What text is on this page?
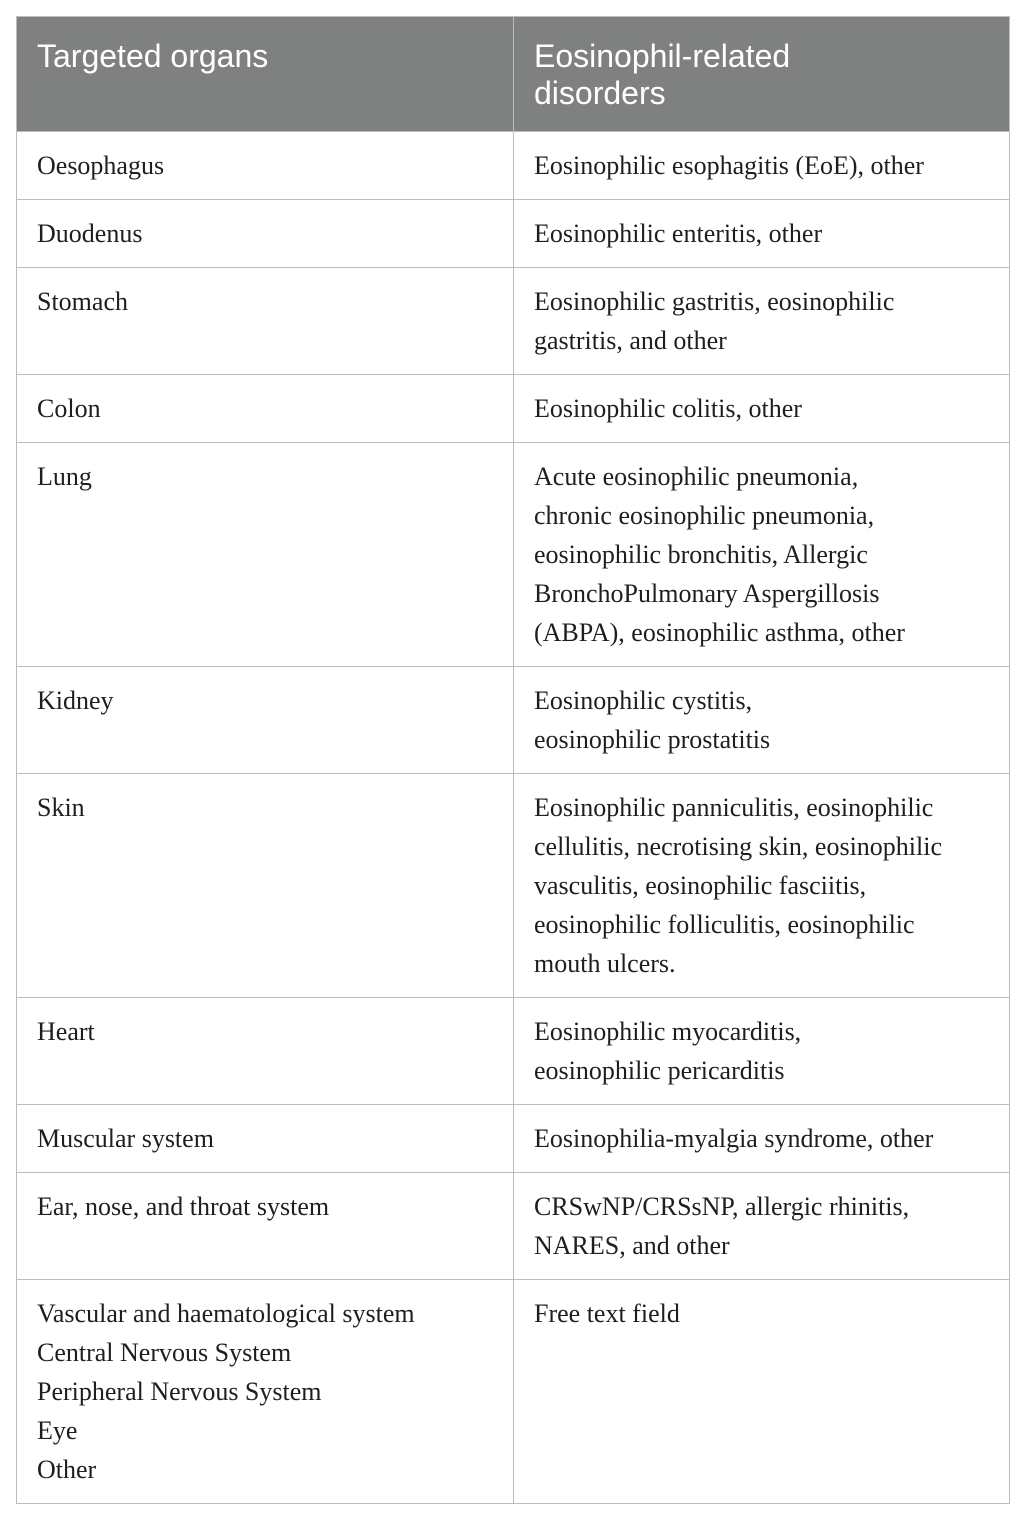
Targeted organs	Eosinophil-related
disorders

Oesophagus	Eosinophilic esophagitis (EoE), other

Duodenus	Eosinophilic enteritis, other

Stomach	Eosinophilic gastritis, eosinophilic
gastritis, and other

Colon	Eosinophilic colitis, other

Lung	Acute eosinophilic pneumonia,
chronic eosinophilic pneumonia,
eosinophilic bronchitis, Allergic
BronchoPulmonary Aspergillosis
(ABPA), eosinophilic asthma, other

Kidney	Eosinophilic cystitis,
eosinophilic prostatitis

Skin	Eosinophilic panniculitis, eosinophilic
cellulitis, necrotising skin, eosinophilic
vasculitis, eosinophilic fasciitis,
eosinophilic folliculitis, eosinophilic
mouth ulcers.

Heart	Eosinophilic myocarditis,
eosinophilic pericarditis

Muscular system	Eosinophilia-myalgia syndrome, other

Ear, nose, and throat system	CRSwNP/CRSsNP, allergic rhinitis,
NARES, and other

Vascular and haematological system
Central Nervous System
Peripheral Nervous System
Eye
Other	Free text field
